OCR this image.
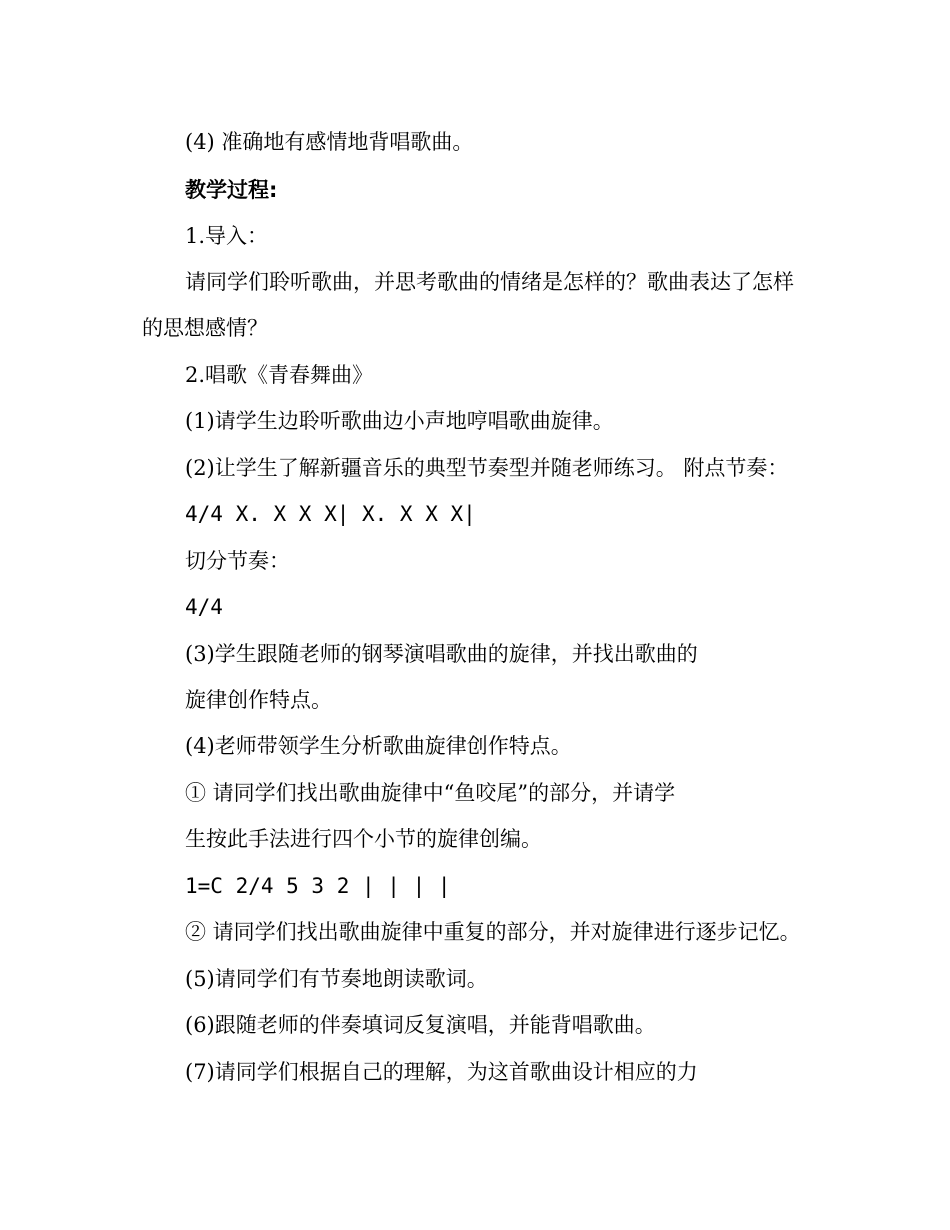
(4) 准确地有感情地背唱歌曲。
教学过程:
1.导入：
请同学们聆听歌曲，并思考歌曲的情绪是怎样的？歌曲表达了怎样
的思想感情？
2.唱歌《青春舞曲》
(1)请学生边聆听歌曲边小声地哼唱歌曲旋律。
(2)让学生了解新疆音乐的典型节奏型并随老师练习。 附点节奏：
4/4 X. X X X| X. X X X|
切分节奏：
4/4
(3)学生跟随老师的钢琴演唱歌曲的旋律，并找出歌曲的
旋律创作特点。
(4)老师带领学生分析歌曲旋律创作特点。
① 请同学们找出歌曲旋律中“鱼咬尾”的部分，并请学
生按此手法进行四个小节的旋律创编。
1=C 2/4 5 3 2 | | | |
② 请同学们找出歌曲旋律中重复的部分，并对旋律进行逐步记忆。
(5)请同学们有节奏地朗读歌词。
(6)跟随老师的伴奏填词反复演唱，并能背唱歌曲。
(7)请同学们根据自己的理解，为这首歌曲设计相应的力
